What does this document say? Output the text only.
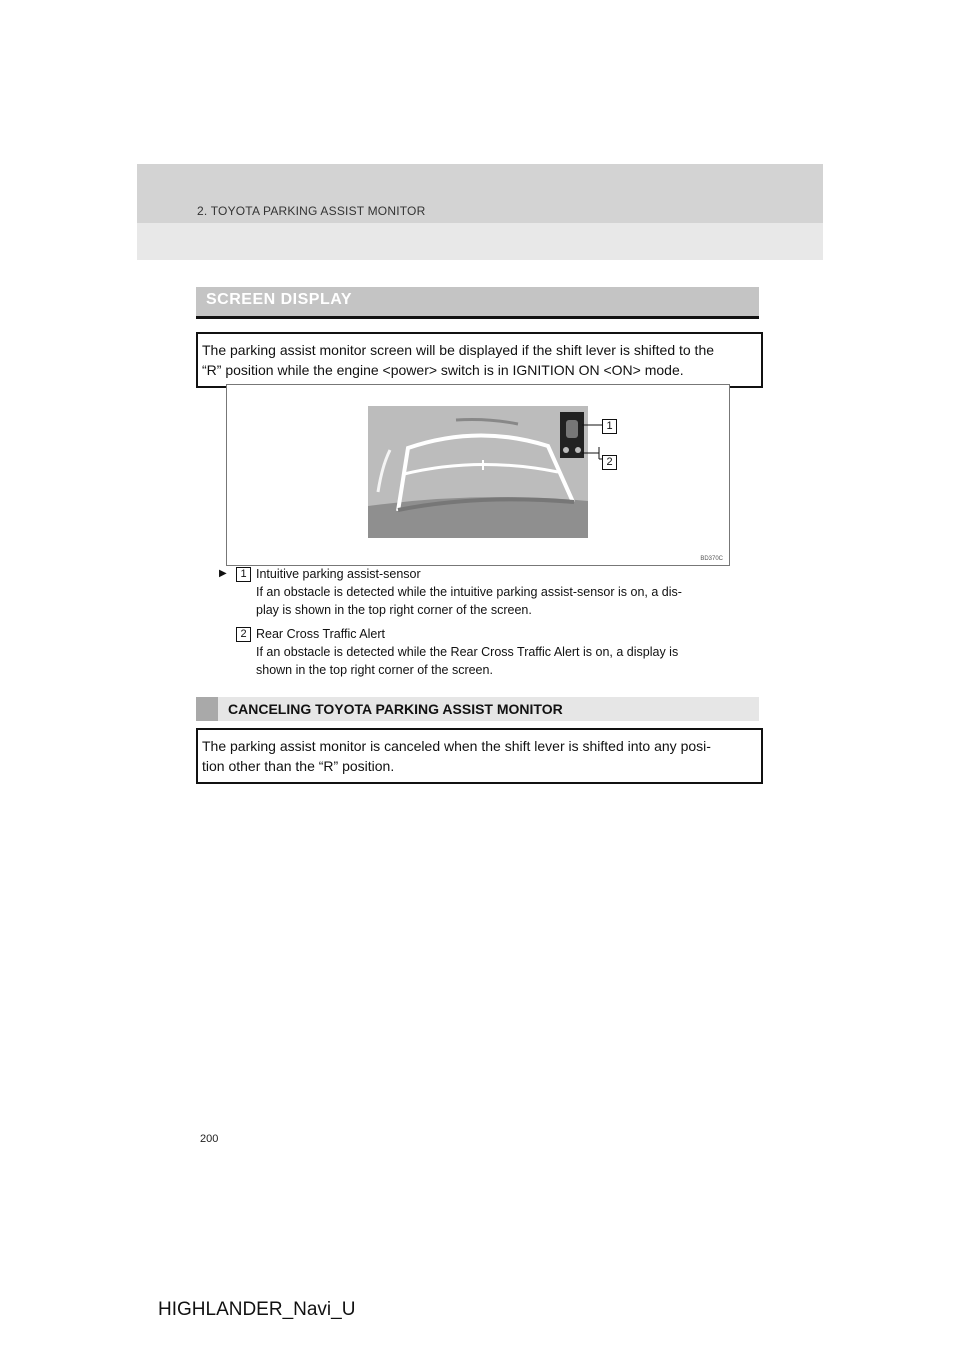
2. TOYOTA PARKING ASSIST MONITOR
SCREEN DISPLAY
The parking assist monitor screen will be displayed if the shift lever is shifted to the
“R” position while the engine <power> switch is in IGNITION ON <ON> mode.
1
2
BD370C
▶	1 Intuitive parking assist-sensor
If an obstacle is detected while the intuitive parking assist-sensor is on, a dis-
play is shown in the top right corner of the screen.
2 Rear Cross Traffic Alert
If an obstacle is detected while the Rear Cross Traffic Alert is on, a display is
shown in the top right corner of the screen.
CANCELING TOYOTA PARKING ASSIST MONITOR
The parking assist monitor is canceled when the shift lever is shifted into any posi-
tion other than the “R” position.
200
HIGHLANDER_Navi_U
